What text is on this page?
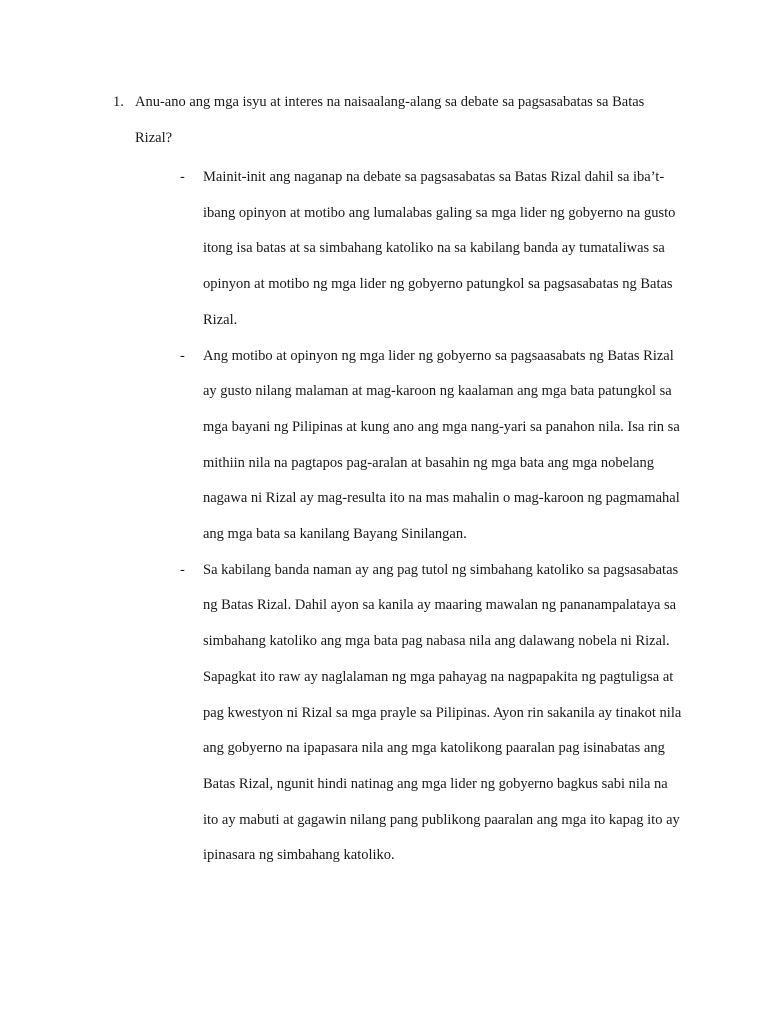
1. Anu-ano ang mga isyu at interes na naisaalang-alang sa debate sa pagsasabatas sa Batas Rizal?
- Mainit-init ang naganap na debate sa pagsasabatas sa Batas Rizal dahil sa iba’t-ibang opinyon at motibo ang lumalabas galing sa mga lider ng gobyerno na gusto itong isa batas at sa simbahang katoliko na sa kabilang banda ay tumataliwas sa opinyon at motibo ng mga lider ng gobyerno patungkol sa pagsasabatas ng Batas Rizal.
- Ang motibo at opinyon ng mga lider ng gobyerno sa pagsaasabats ng Batas Rizal ay gusto nilang malaman at mag-karoon ng kaalaman ang mga bata patungkol sa mga bayani ng Pilipinas at kung ano ang mga nang-yari sa panahon nila. Isa rin sa mithiin nila na pagtapos pag-aralan at basahin ng mga bata ang mga nobelang nagawa ni Rizal ay mag-resulta ito na mas mahalin o mag-karoon ng pagmamahal ang mga bata sa kanilang Bayang Sinilangan.
- Sa kabilang banda naman ay ang pag tutol ng simbahang katoliko sa pagsasabatas ng Batas Rizal. Dahil ayon sa kanila ay maaring mawalan ng pananampalataya sa simbahang katoliko ang mga bata pag nabasa nila ang dalawang nobela ni Rizal. Sapagkat ito raw ay naglalaman ng mga pahayag na nagpapakita ng pagtuligsa at pag kwestyon ni Rizal sa mga prayle sa Pilipinas. Ayon rin sakanila ay tinakot nila ang gobyerno na ipapasara nila ang mga katolikong paaralan pag isinabatas ang Batas Rizal, ngunit hindi natinag ang mga lider ng gobyerno bagkus sabi nila na ito ay mabuti at gagawin nilang pang publikong paaralan ang mga ito kapag ito ay ipinasara ng simbahang katoliko.
